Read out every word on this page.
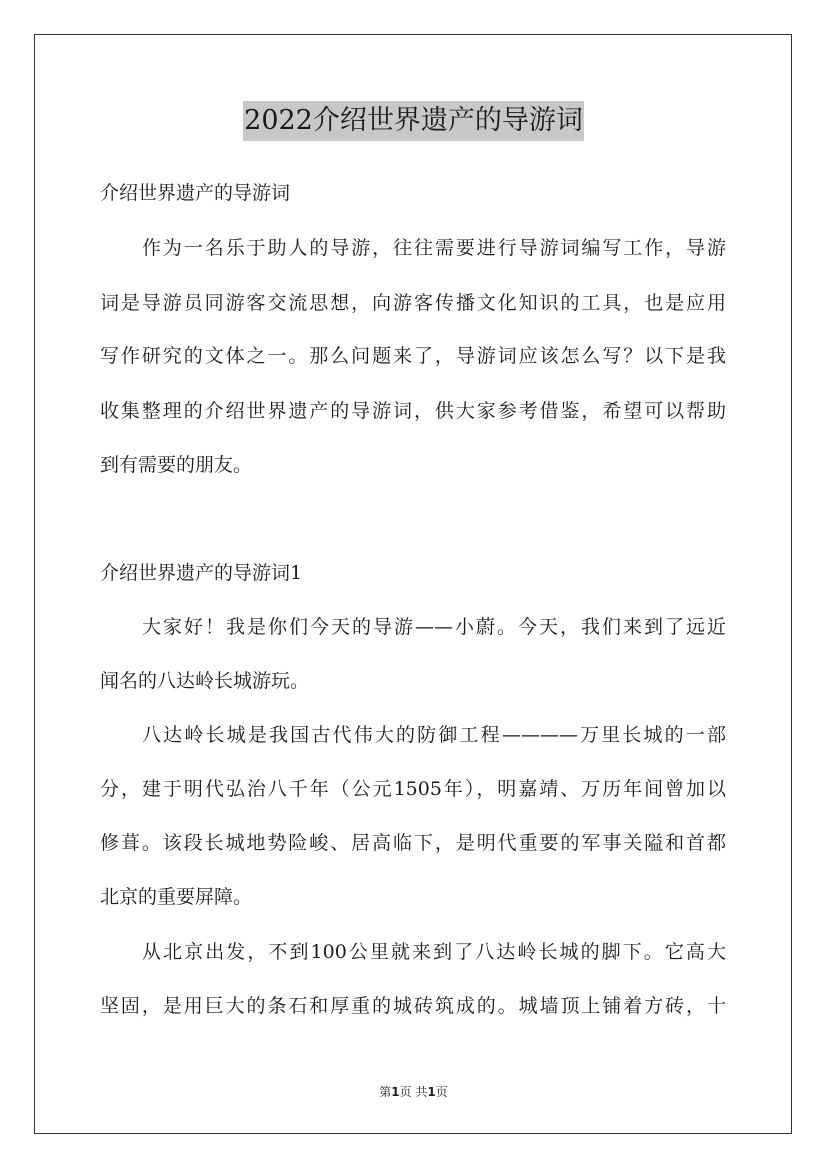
2022介绍世界遗产的导游词
介绍世界遗产的导游词
作为一名乐于助人的导游，往往需要进行导游词编写工作，导游
词是导游员同游客交流思想，向游客传播文化知识的工具，也是应用
写作研究的文体之一。那么问题来了，导游词应该怎么写？以下是我
收集整理的介绍世界遗产的导游词，供大家参考借鉴，希望可以帮助
到有需要的朋友。
介绍世界遗产的导游词1
大家好！我是你们今天的导游——小蔚。今天，我们来到了远近
闻名的八达岭长城游玩。
八达岭长城是我国古代伟大的防御工程————万里长城的一部
分，建于明代弘治八千年（公元1505年），明嘉靖、万历年间曾加以
修葺。该段长城地势险峻、居高临下，是明代重要的军事关隘和首都
北京的重要屏障。
从北京出发，不到100公里就来到了八达岭长城的脚下。它高大
坚固，是用巨大的条石和厚重的城砖筑成的。城墙顶上铺着方砖，十
第1页 共1页
